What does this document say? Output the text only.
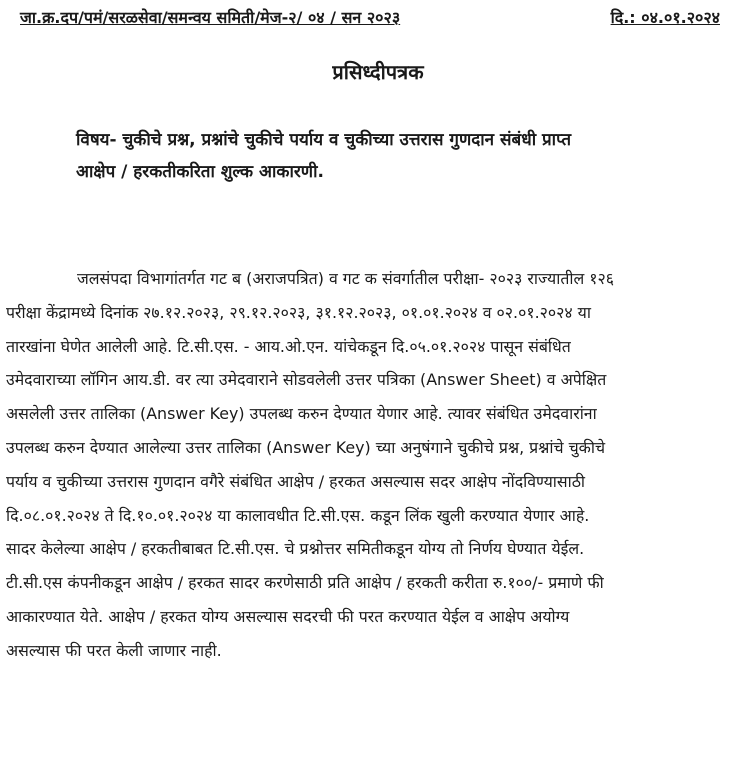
जा.क्र.दप/पमं/सरळसेवा/समन्वय समिती/मेज-२/ ०४ / सन २०२३	दि.: ०४.०१.२०२४
प्रसिध्दीपत्रक
विषय- चुकीचे प्रश्न, प्रश्नांचे चुकीचे पर्याय व चुकीच्या उत्तरास गुणदान संबंधी प्राप्त
आक्षेप / हरकतीकरिता शुल्क आकारणी.
जलसंपदा विभागांतर्गत गट ब (अराजपत्रित) व गट क संवर्गातील परीक्षा- २०२३ राज्यातील १२६
परीक्षा केंद्रामध्ये दिनांक २७.१२.२०२३, २९.१२.२०२३, ३१.१२.२०२३, ०१.०१.२०२४ व ०२.०१.२०२४ या
तारखांना घेणेत आलेली आहे. टि.सी.एस. - आय.ओ.एन. यांचेकडून दि.०५.०१.२०२४ पासून संबंधित
उमेदवाराच्या लॉगिन आय.डी. वर त्या उमेदवाराने सोडवलेली उत्तर पत्रिका (Answer Sheet) व अपेक्षित
असलेली उत्तर तालिका (Answer Key) उपलब्ध करुन देण्यात येणार आहे. त्यावर संबंधित उमेदवारांना
उपलब्ध करुन देण्यात आलेल्या उत्तर तालिका (Answer Key) च्या अनुषंगाने चुकीचे प्रश्न, प्रश्नांचे चुकीचे
पर्याय व चुकीच्या उत्तरास गुणदान वगैरे संबंधित आक्षेप / हरकत असल्यास सदर आक्षेप नोंदविण्यासाठी
दि.०८.०१.२०२४ ते दि.१०.०१.२०२४ या कालावधीत टि.सी.एस. कडून लिंक खुली करण्यात येणार आहे.
सादर केलेल्या आक्षेप / हरकतीबाबत टि.सी.एस. चे प्रश्नोत्तर समितीकडून योग्य तो निर्णय घेण्यात येईल.
टी.सी.एस कंपनीकडून आक्षेप / हरकत सादर करणेसाठी प्रति आक्षेप / हरकती करीता रु.१००/- प्रमाणे फी
आकारण्यात येते. आक्षेप / हरकत योग्य असल्यास सदरची फी परत करण्यात येईल व आक्षेप अयोग्य
असल्यास फी परत केली जाणार नाही.
